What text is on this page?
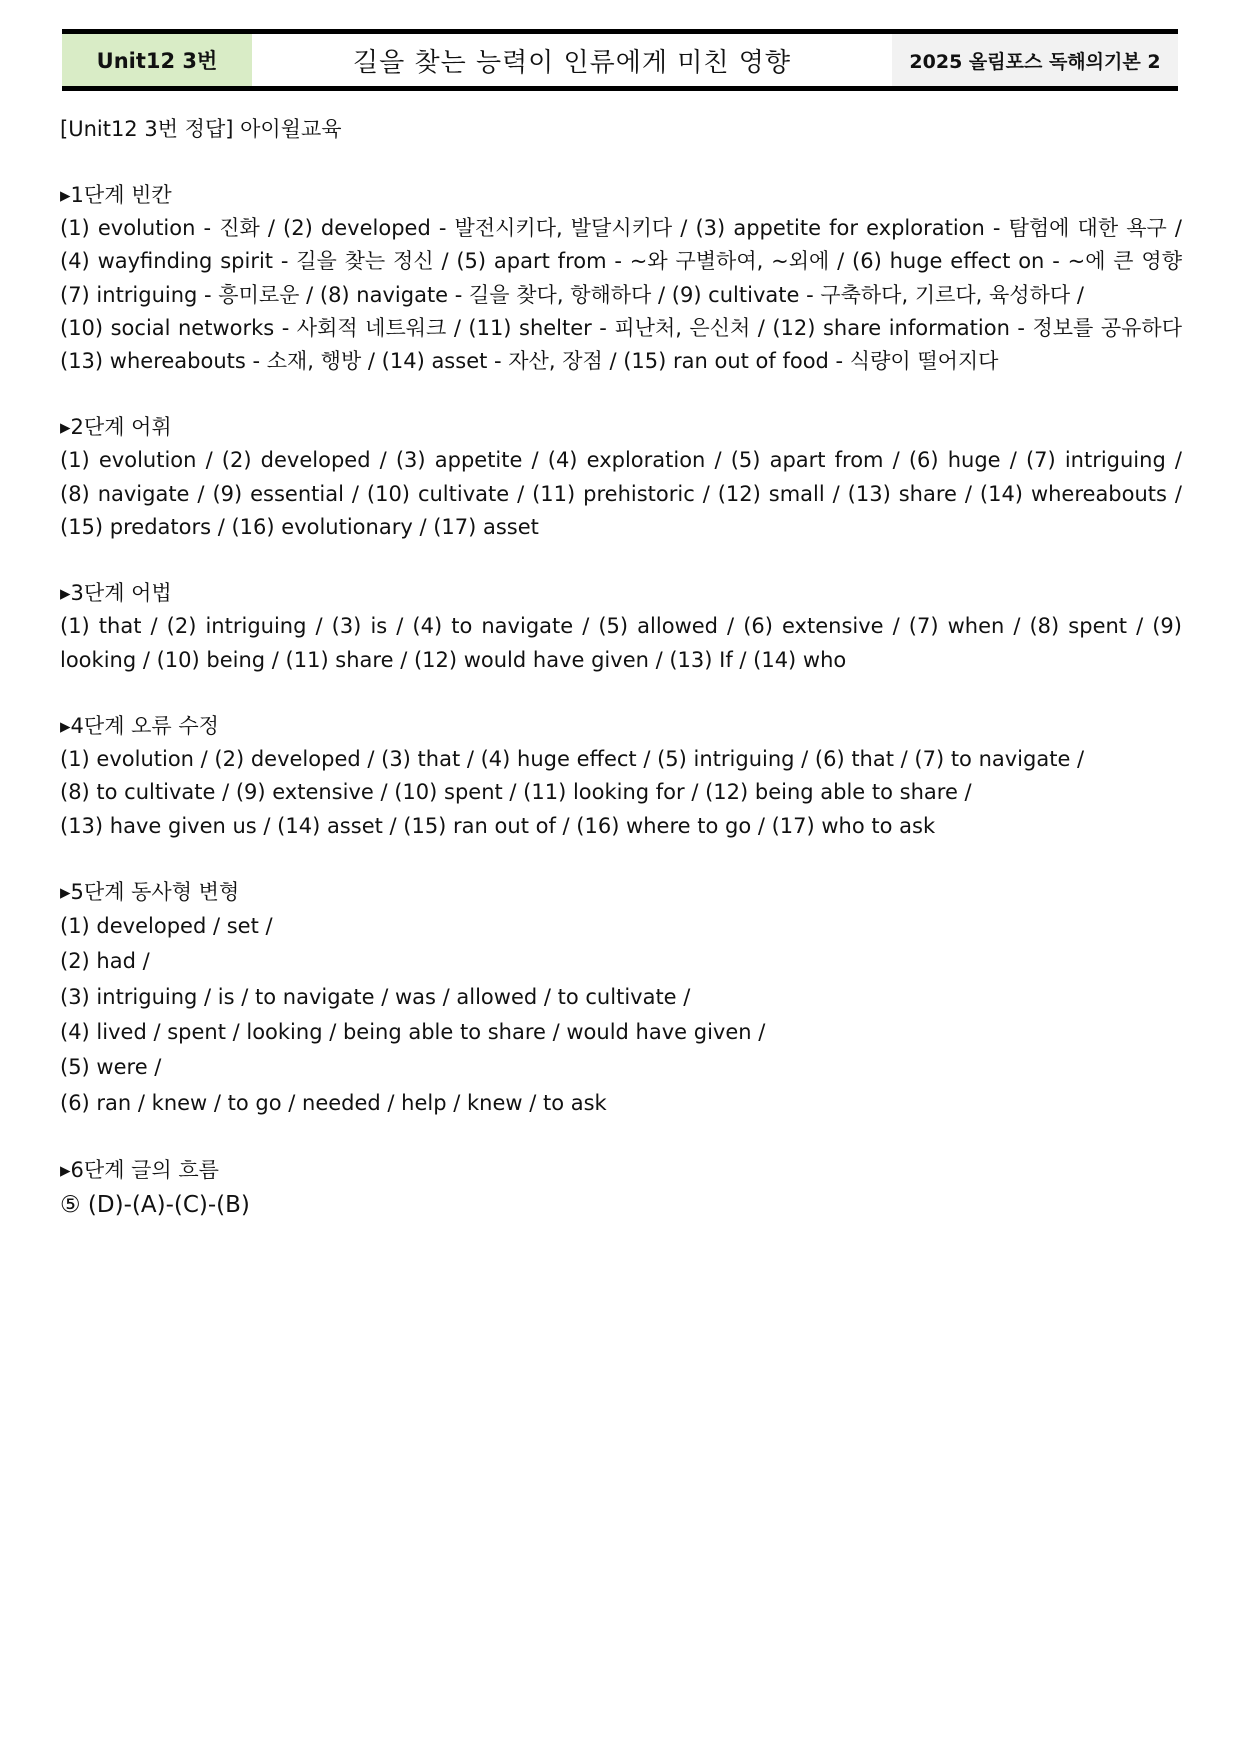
Unit12 3번	길을 찾는 능력이 인류에게 미친 영향	2025 올림포스 독해의기본 2
[Unit12 3번 정답] 아이윌교육
▸1단계 빈칸
(1) evolution - 진화 / (2) developed - 발전시키다, 발달시키다 / (3) appetite for exploration - 탐험에 대한 욕구 /
(4) wayfinding spirit - 길을 찾는 정신 / (5) apart from - ~와 구별하여, ~외에 / (6) huge effect on - ~에 큰 영향
(7) intriguing - 흥미로운 / (8) navigate - 길을 찾다, 항해하다 / (9) cultivate - 구축하다, 기르다, 육성하다 /
(10) social networks - 사회적 네트워크 / (11) shelter - 피난처, 은신처 / (12) share information - 정보를 공유하다
(13) whereabouts - 소재, 행방 / (14) asset - 자산, 장점 / (15) ran out of food - 식량이 떨어지다
▸2단계 어휘
(1) evolution / (2) developed / (3) appetite / (4) exploration / (5) apart from / (6) huge / (7) intriguing /
(8) navigate / (9) essential / (10) cultivate / (11) prehistoric / (12) small / (13) share / (14) whereabouts /
(15) predators / (16) evolutionary / (17) asset
▸3단계 어법
(1) that / (2) intriguing / (3) is / (4) to navigate / (5) allowed / (6) extensive / (7) when / (8) spent / (9)
looking / (10) being / (11) share / (12) would have given / (13) If / (14) who
▸4단계 오류 수정
(1) evolution / (2) developed / (3) that / (4) huge effect / (5) intriguing / (6) that / (7) to navigate /
(8) to cultivate / (9) extensive / (10) spent / (11) looking for / (12) being able to share /
(13) have given us / (14) asset / (15) ran out of / (16) where to go / (17) who to ask
▸5단계 동사형 변형
(1) developed / set /
(2) had /
(3) intriguing / is / to navigate / was / allowed / to cultivate /
(4) lived / spent / looking / being able to share / would have given /
(5) were /
(6) ran / knew / to go / needed / help / knew / to ask
▸6단계 글의 흐름
⑤ (D)-(A)-(C)-(B)
